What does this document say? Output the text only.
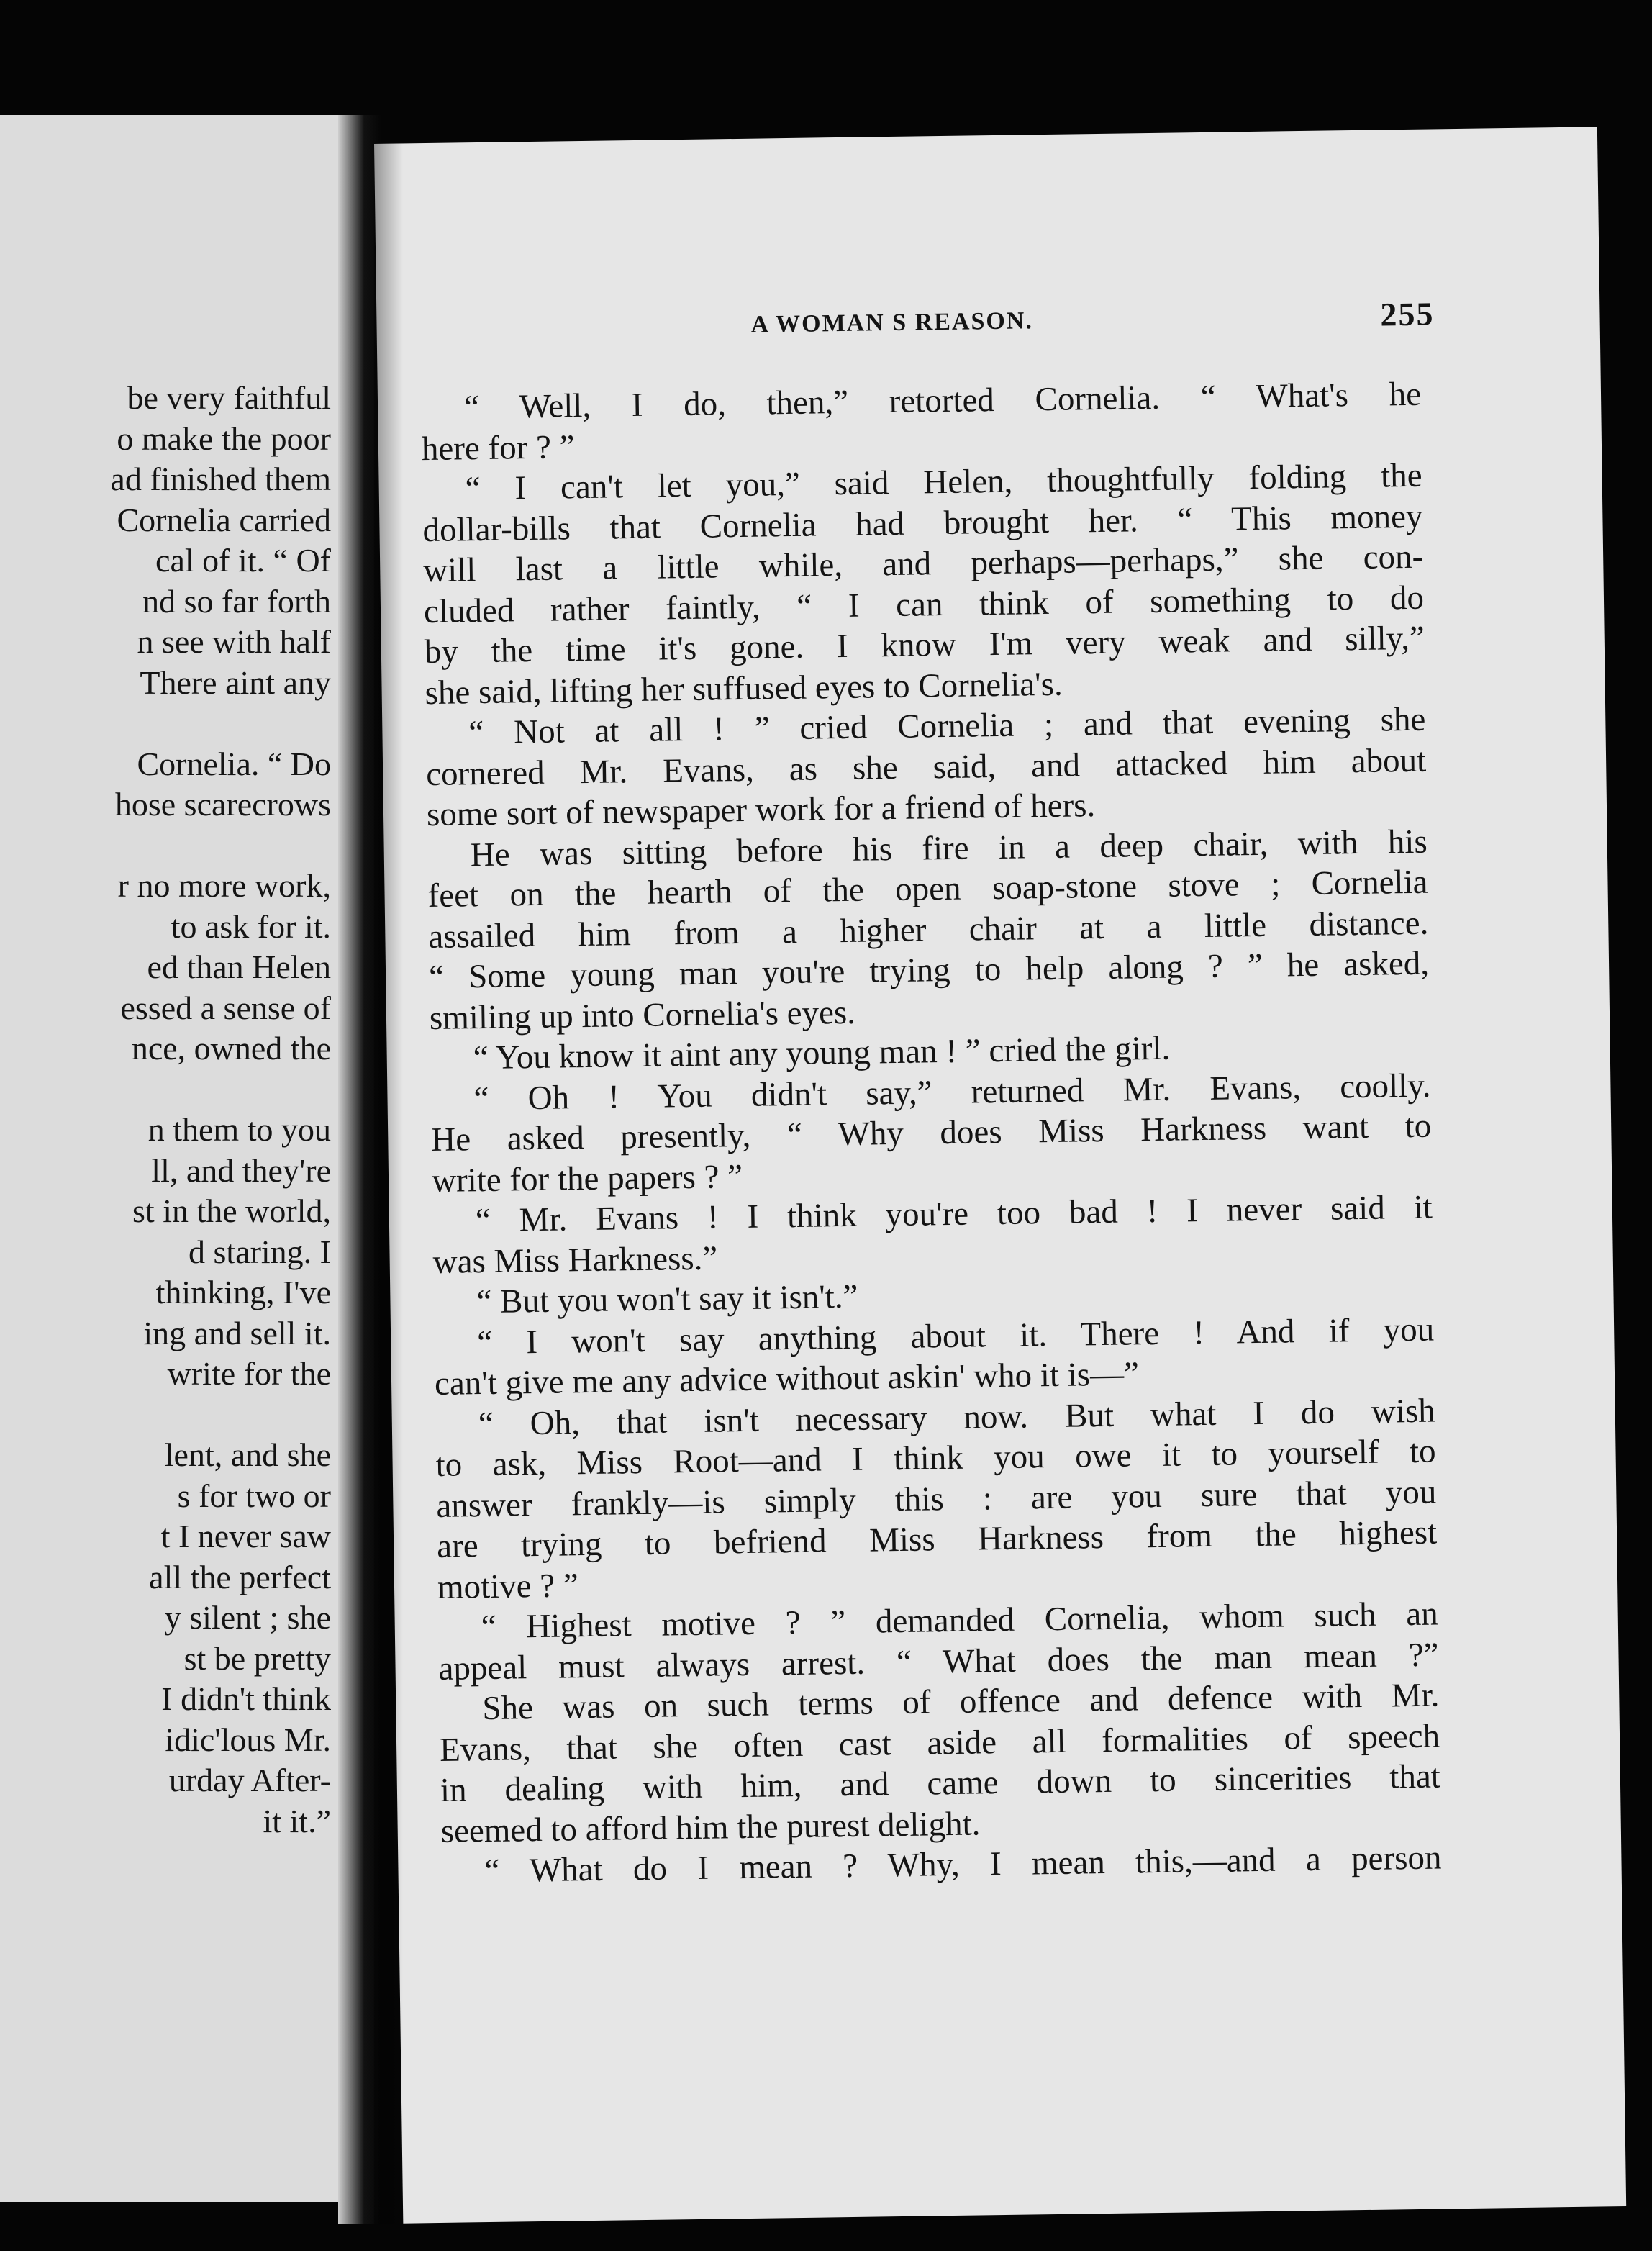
be very faithful
o make the poor
ad finished them
Cornelia carried
cal of it. “ Of
nd so far forth
n see with half
There aint any
Cornelia. “ Do
hose scarecrows
r no more work,
to ask for it.
ed than Helen
essed a sense of
nce, owned the
n them to you
ll, and they're
st in the world,
d staring. I
thinking, I've
ing and sell it.
write for the
lent, and she
s for two or
t I never saw
all the perfect
y silent ; she
st be pretty
I didn't think
idic'lous Mr.
urday After-
it it.”
A WOMAN S REASON.	255
“ Well, I do, then,” retorted Cornelia. “ What's he
here for ? ”
“ I can't let you,” said Helen, thoughtfully folding the
dollar-bills that Cornelia had brought her. “ This money
will last a little while, and perhaps—perhaps,” she con-
cluded rather faintly, “ I can think of something to do
by the time it's gone. I know I'm very weak and silly,”
she said, lifting her suffused eyes to Cornelia's.
“ Not at all ! ” cried Cornelia ; and that evening she
cornered Mr. Evans, as she said, and attacked him about
some sort of newspaper work for a friend of hers.
He was sitting before his fire in a deep chair, with his
feet on the hearth of the open soap-stone stove ; Cornelia
assailed him from a higher chair at a little distance.
“ Some young man you're trying to help along ? ” he asked,
smiling up into Cornelia's eyes.
“ You know it aint any young man ! ” cried the girl.
“ Oh ! You didn't say,” returned Mr. Evans, coolly.
He asked presently, “ Why does Miss Harkness want to
write for the papers ? ”
“ Mr. Evans ! I think you're too bad ! I never said it
was Miss Harkness.”
“ But you won't say it isn't.”
“ I won't say anything about it. There ! And if you
can't give me any advice without askin' who it is—”
“ Oh, that isn't necessary now. But what I do wish
to ask, Miss Root—and I think you owe it to yourself to
answer frankly—is simply this : are you sure that you
are trying to befriend Miss Harkness from the highest
motive ? ”
“ Highest motive ? ” demanded Cornelia, whom such an
appeal must always arrest. “ What does the man mean ?”
She was on such terms of offence and defence with Mr.
Evans, that she often cast aside all formalities of speech
in dealing with him, and came down to sincerities that
seemed to afford him the purest delight.
“ What do I mean ? Why, I mean this,—and a person
